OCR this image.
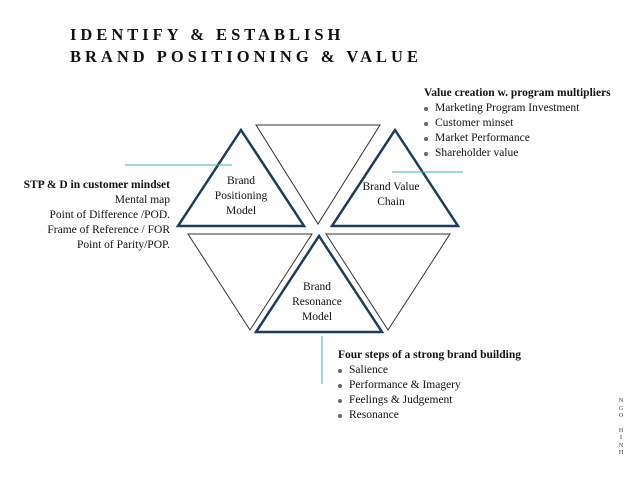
IDENTIFY & ESTABLISH
BRAND POSITIONING & VALUE
Brand
Positioning
Model
Brand Value
Chain
Brand
Resonance
Model
STP & D in customer mindset
Mental map
Point of Difference /POD.
Frame of Reference / FOR
Point of Parity/POP.
Value creation w. program multipliers
Marketing Program Investment
Customer minset
Market Performance
Shareholder value
Four steps of a strong brand building
Salience
Performance & Imagery
Feelings & Judgement
Resonance
N
G
O
H
I
N
H
